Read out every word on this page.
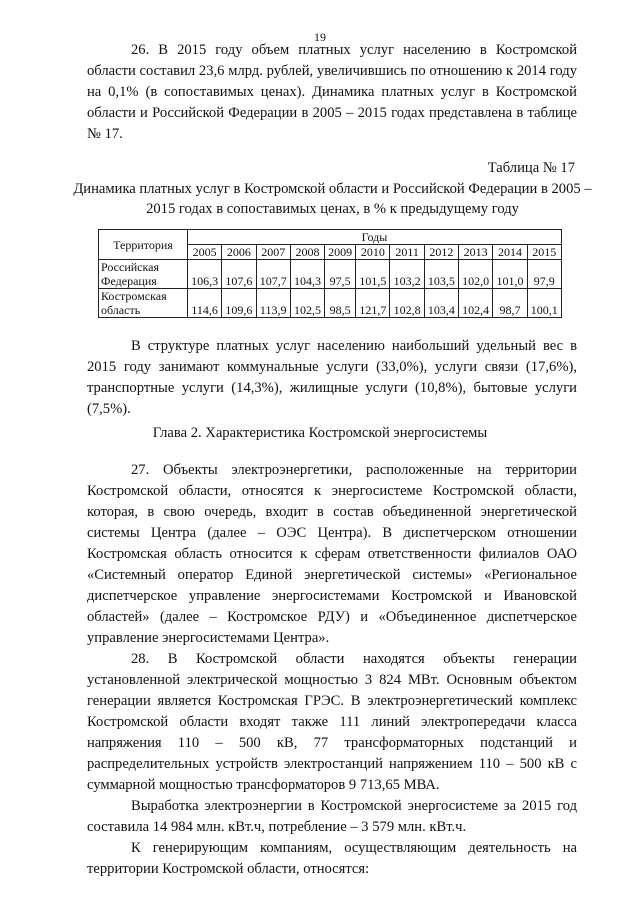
19

26. В 2015 году объем платных услуг населению в Костромской области составил 23,6 млрд. рублей, увеличившись по отношению к 2014 году на 0,1% (в сопоставимых ценах). Динамика платных услуг в Костромской области и Российской Федерации в 2005 – 2015 годах представлена в таблице № 17.

Таблица № 17
Динамика платных услуг в Костромской области и Российской Федерации в 2005 – 2015 годах в сопоставимых ценах, в % к предыдущему году
Территория	Годы										
	2005	2006	2007	2008	2009	2010	2011	2012	2013	2014	2015
Российская Федерация	106,3	107,6	107,7	104,3	97,5	101,5	103,2	103,5	102,0	101,0	97,9
Костромская область	114,6	109,6	113,9	102,5	98,5	121,7	102,8	103,4	102,4	98,7	100,1

В структуре платных услуг населению наибольший удельный вес в 2015 году занимают коммунальные услуги (33,0%), услуги связи (17,6%), транспортные услуги (14,3%), жилищные услуги (10,8%), бытовые услуги (7,5%).

Глава 2. Характеристика Костромской энергосистемы

27. Объекты электроэнергетики, расположенные на территории Костромской области, относятся к энергосистеме Костромской области, которая, в свою очередь, входит в состав объединенной энергетической системы Центра (далее – ОЭС Центра). В диспетчерском отношении Костромская область относится к сферам ответственности филиалов ОАО «Системный оператор Единой энергетической системы» «Региональное диспетчерское управление энергосистемами Костромской и Ивановской областей» (далее – Костромское РДУ) и «Объединенное диспетчерское управление энергосистемами Центра».

28. В Костромской области находятся объекты генерации установленной электрической мощностью 3 824 МВт. Основным объектом генерации является Костромская ГРЭС. В электроэнергетический комплекс Костромской области входят также 111 линий электропередачи класса напряжения 110 – 500 кВ, 77 трансформаторных подстанций и распределительных устройств электростанций напряжением 110 – 500 кВ с суммарной мощностью трансформаторов 9 713,65 МВА.

Выработка электроэнергии в Костромской энергосистеме за 2015 год составила 14 984 млн. кВт.ч, потребление – 3 579 млн. кВт.ч.

К генерирующим компаниям, осуществляющим деятельность на территории Костромской области, относятся:
